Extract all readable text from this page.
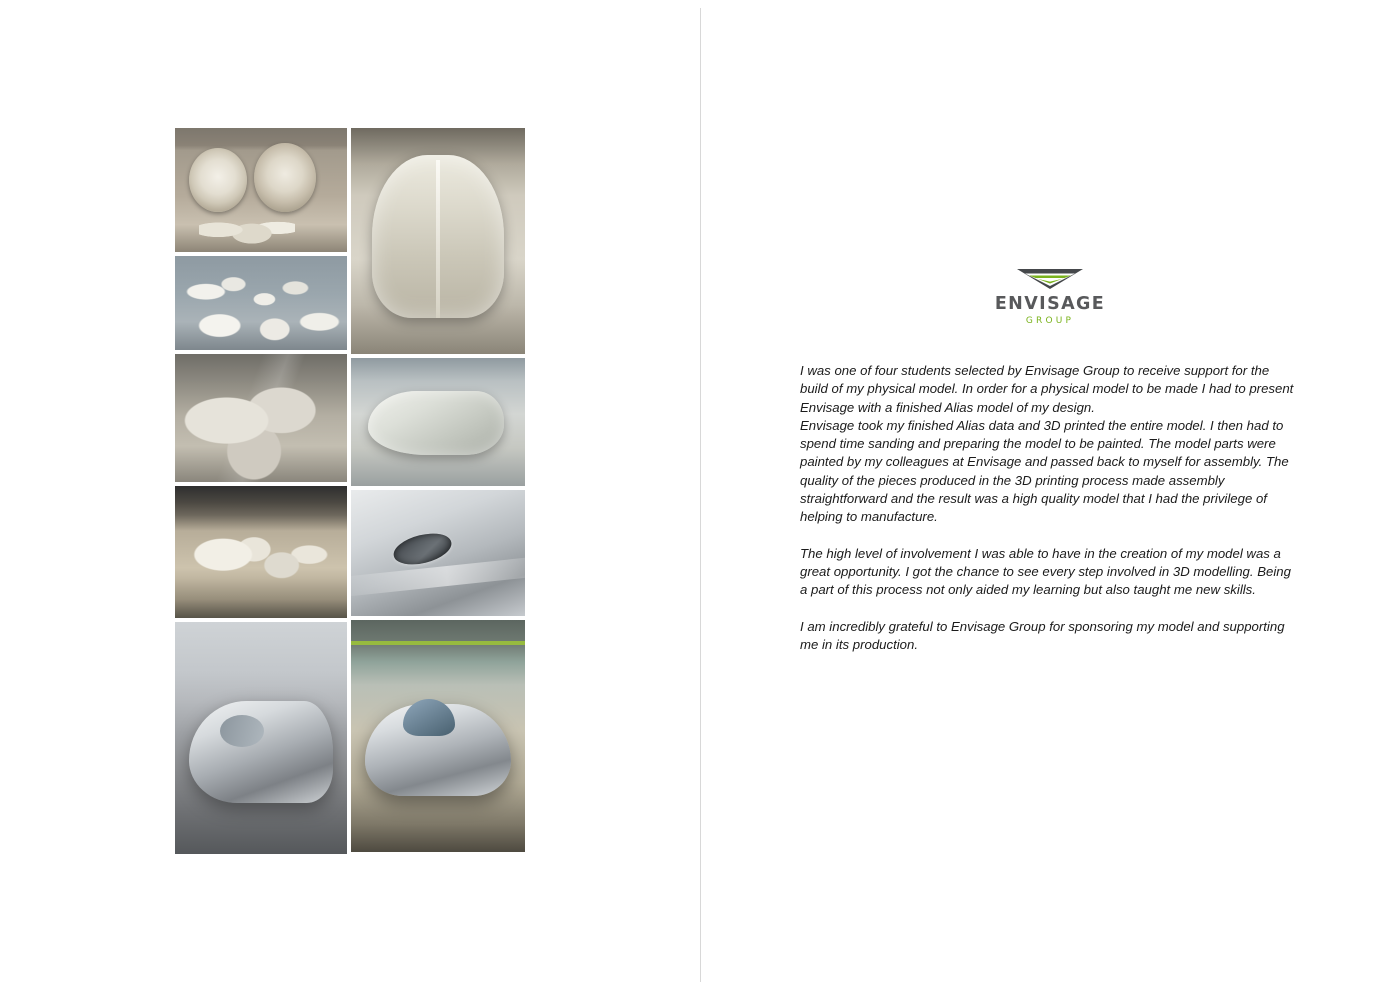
ENVISAGE
GROUP

I was one of four students selected by Envisage Group to receive support for the build of my physical model. In order for a physical model to be made I had to present Envisage with a finished Alias model of my design.

Envisage took my finished Alias data and 3D printed the entire model. I then had to spend time sanding and preparing the model to be painted. The model parts were painted by my colleagues at Envisage and passed back to myself for assembly. The quality of the pieces produced in the 3D printing process made assembly straightforward and the result was a high quality model that I had the privilege of helping to manufacture.

The high level of involvement I was able to have in the creation of my model was a great opportunity. I got the chance to see every step involved in 3D modelling. Being a part of this process not only aided my learning but also taught me new skills.

I am incredibly grateful to Envisage Group for sponsoring my model and supporting me in its production.
